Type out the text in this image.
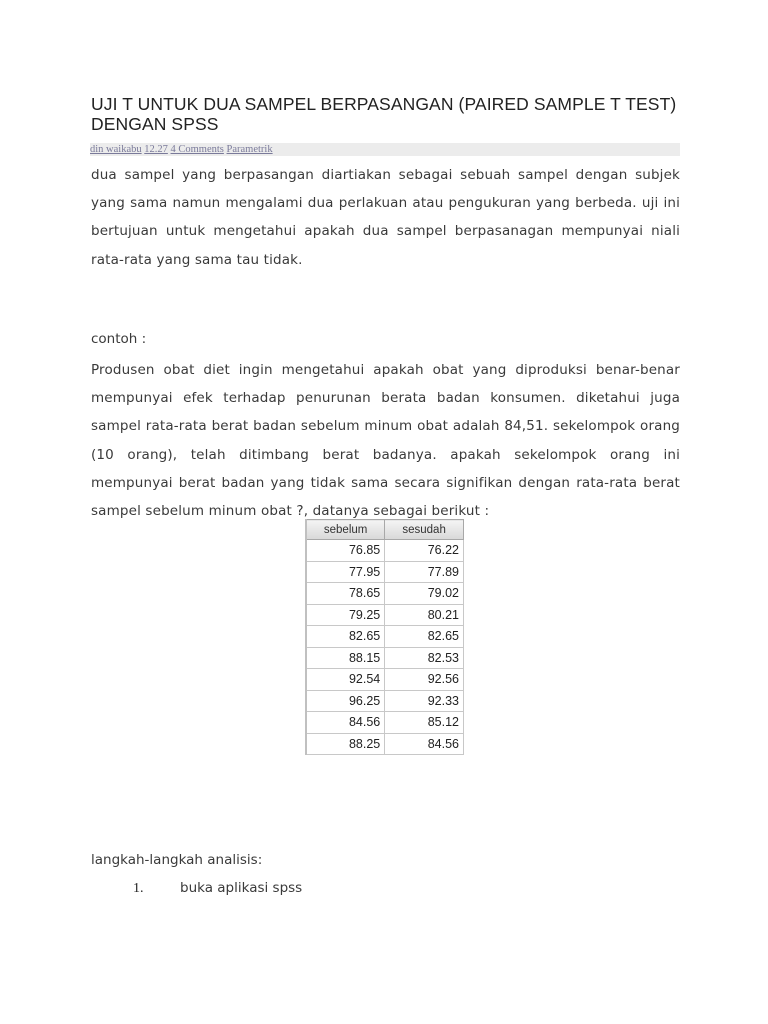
UJI T UNTUK DUA SAMPEL BERPASANGAN (PAIRED SAMPLE T TEST) DENGAN SPSS
din waikabu 12.27 4 Comments Parametrik
dua sampel yang berpasangan diartiakan sebagai sebuah sampel dengan subjek yang sama namun mengalami dua perlakuan atau pengukuran yang berbeda. uji ini bertujuan untuk mengetahui apakah dua sampel berpasanagan mempunyai niali rata-rata yang sama tau tidak.
contoh :
Produsen obat diet ingin mengetahui apakah obat yang diproduksi benar-benar mempunyai efek terhadap penurunan berata badan konsumen. diketahui juga sampel rata-rata berat badan sebelum minum obat adalah 84,51. sekelompok orang (10 orang), telah ditimbang berat badanya. apakah sekelompok orang ini mempunyai berat badan yang tidak sama secara signifikan dengan rata-rata berat sampel sebelum minum obat ?, datanya sebagai berikut :
sebelum	sesudah
76.85	76.22
77.95	77.89
78.65	79.02
79.25	80.21
82.65	82.65
88.15	82.53
92.54	92.56
96.25	92.33
84.56	85.12
88.25	84.56
langkah-langkah analisis:
1.	buka aplikasi spss
